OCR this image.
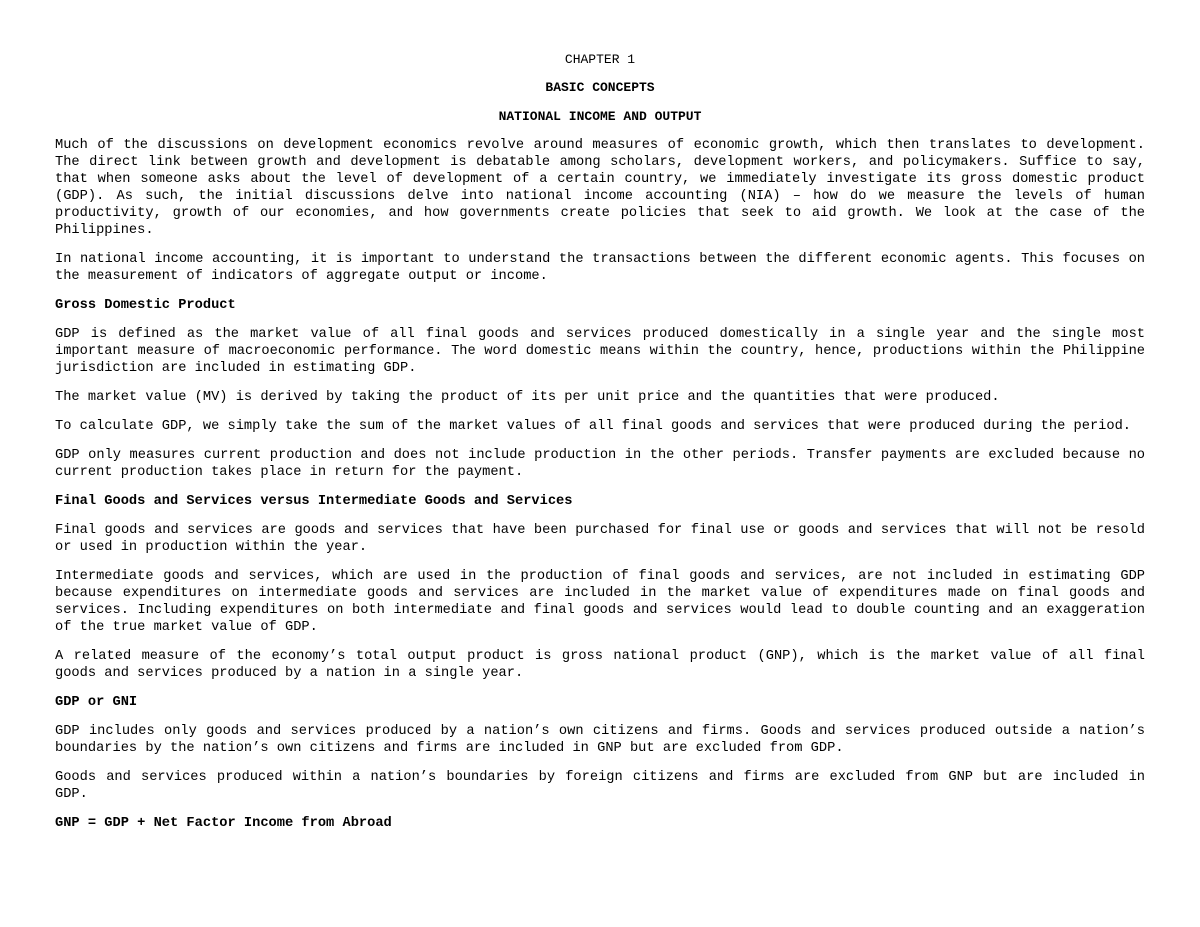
CHAPTER 1

BASIC CONCEPTS

NATIONAL INCOME AND OUTPUT

Much of the discussions on development economics revolve around measures of economic growth, which then translates to development. The direct link between growth and development is debatable among scholars, development workers, and policymakers. Suffice to say, that when someone asks about the level of development of a certain country, we immediately investigate its gross domestic product (GDP). As such, the initial discussions delve into national income accounting (NIA) – how do we measure the levels of human productivity, growth of our economies, and how governments create policies that seek to aid growth. We look at the case of the Philippines.

In national income accounting, it is important to understand the transactions between the different economic agents. This focuses on the measurement of indicators of aggregate output or income.

Gross Domestic Product

GDP is defined as the market value of all final goods and services produced domestically in a single year and the single most important measure of macroeconomic performance. The word domestic means within the country, hence, productions within the Philippine jurisdiction are included in estimating GDP.

The market value (MV) is derived by taking the product of its per unit price and the quantities that were produced.

To calculate GDP, we simply take the sum of the market values of all final goods and services that were produced during the period.

GDP only measures current production and does not include production in the other periods. Transfer payments are excluded because no current production takes place in return for the payment.

Final Goods and Services versus Intermediate Goods and Services

Final goods and services are goods and services that have been purchased for final use or goods and services that will not be resold or used in production within the year.

Intermediate goods and services, which are used in the production of final goods and services, are not included in estimating GDP because expenditures on intermediate goods and services are included in the market value of expenditures made on final goods and services. Including expenditures on both intermediate and final goods and services would lead to double counting and an exaggeration of the true market value of GDP.

A related measure of the economy’s total output product is gross national product (GNP), which is the market value of all final goods and services produced by a nation in a single year.

GDP or GNI

GDP includes only goods and services produced by a nation’s own citizens and firms. Goods and services produced outside a nation’s boundaries by the nation’s own citizens and firms are included in GNP but are excluded from GDP.

Goods and services produced within a nation’s boundaries by foreign citizens and firms are excluded from GNP but are included in GDP.

GNP = GDP + Net Factor Income from Abroad
